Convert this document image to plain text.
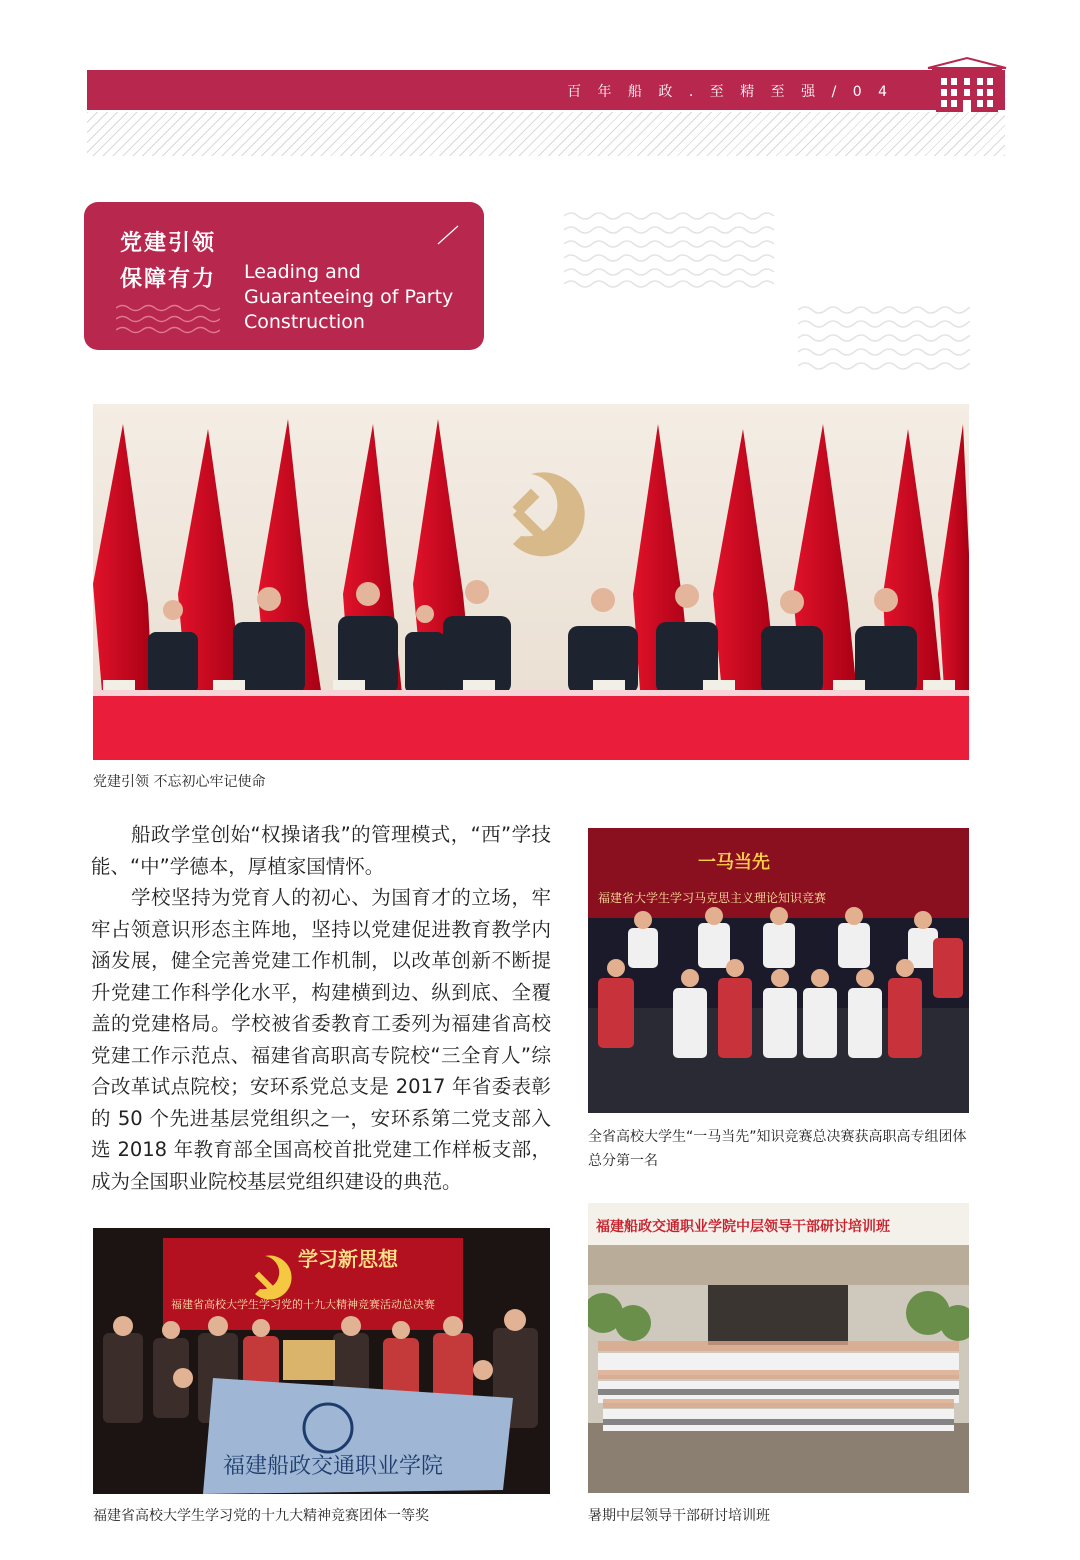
百 年 船 政 . 至 精 至 强 / 0 4
党建引领
保障有力 Leading and Guaranteeing of Party Construction
党建引领 不忘初心牢记使命

船政学堂创始“权操诸我”的管理模式，“西”学技能、“中”学德本，厚植家国情怀。

学校坚持为党育人的初心、为国育才的立场，牢牢占领意识形态主阵地，坚持以党建促进教育教学内涵发展，健全完善党建工作机制，以改革创新不断提升党建工作科学化水平，构建横到边、纵到底、全覆盖的党建格局。学校被省委教育工委列为福建省高校党建工作示范点、福建省高职高专院校“三全育人”综合改革试点院校；安环系党总支是 2017 年省委表彰的 50 个先进基层党组织之一，安环系第二党支部入选 2018 年教育部全国高校首批党建工作样板支部，成为全国职业院校基层党组织建设的典范。

一马当先
福建省大学生学习马克思主义理论知识竞赛
全省高校大学生“一马当先”知识竞赛总决赛获高职高专组团体总分第一名
学习新思想
福建省高校大学生学习党的十九大精神竞赛活动总决赛
福建船政交通职业学院
福建省高校大学生学习党的十九大精神竞赛团体一等奖
福建船政交通职业学院中层领导干部研讨培训班
暑期中层领导干部研讨培训班
